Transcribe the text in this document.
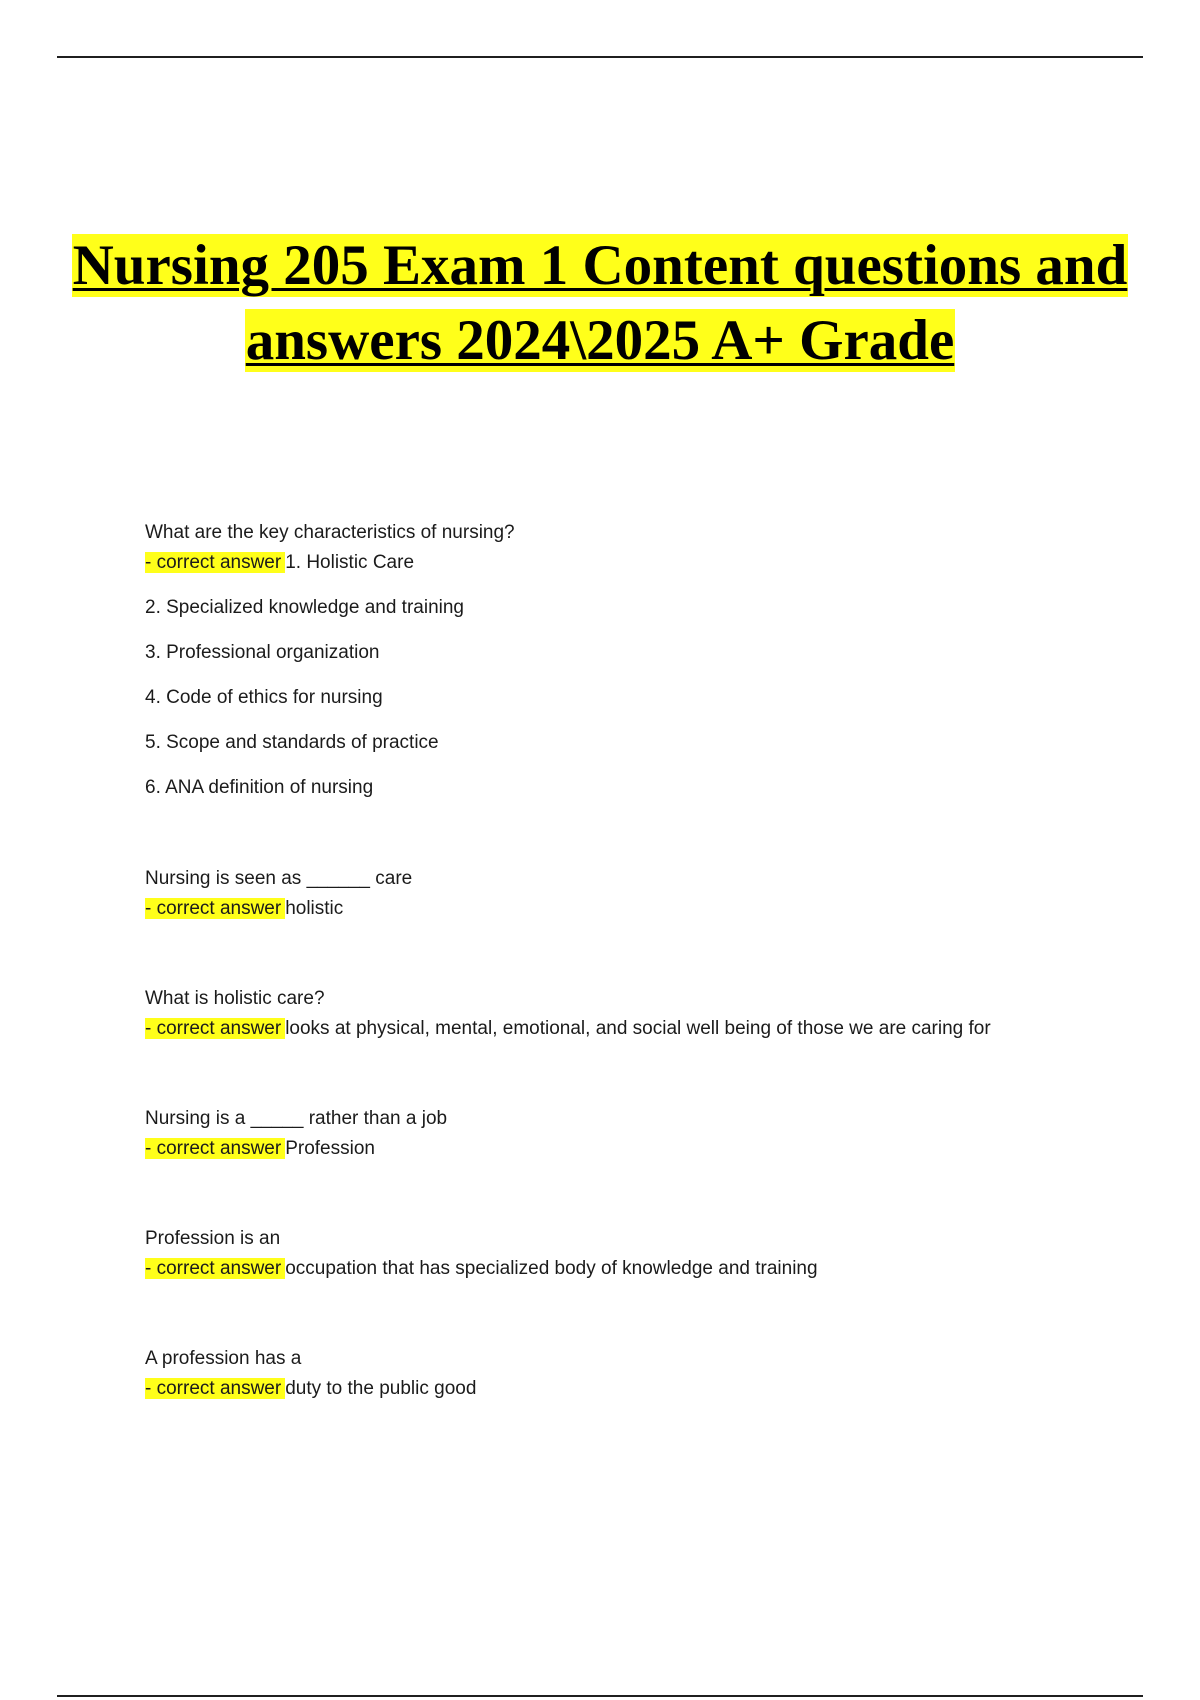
Nursing 205 Exam 1 Content questions and answers 2024\2025 A+ Grade

What are the key characteristics of nursing?

- correct answer 1. Holistic Care

2. Specialized knowledge and training

3. Professional organization

4. Code of ethics for nursing

5. Scope and standards of practice

6. ANA definition of nursing

Nursing is seen as ______ care

- correct answer holistic

What is holistic care?

- correct answer looks at physical, mental, emotional, and social well being of those we are caring for

Nursing is a _____ rather than a job

- correct answer Profession

Profession is an

- correct answer occupation that has specialized body of knowledge and training

A profession has a

- correct answer duty to the public good
